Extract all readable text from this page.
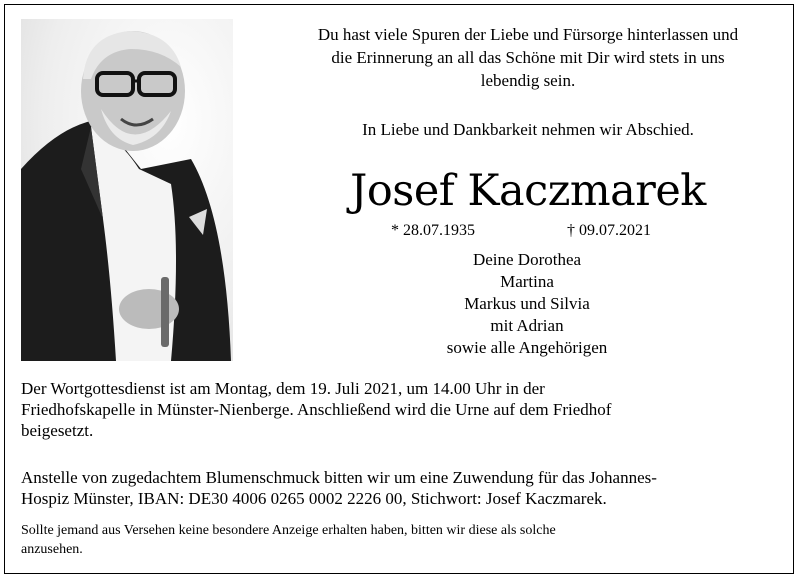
Du hast viele Spuren der Liebe und Fürsorge hinterlassen und

die Erinnerung an all das Schöne mit Dir wird stets in uns

lebendig sein.

In Liebe und Dankbarkeit nehmen wir Abschied.
Josef Kaczmarek
* 28.07.1935	† 09.07.2021
Deine Dorothea
Martina
Markus und Silvia
mit Adrian
sowie alle Angehörigen
Der Wortgottesdienst ist am Montag, dem 19. Juli 2021, um 14.00 Uhr in der
Friedhofskapelle in Münster-Nienberge. Anschließend wird die Urne auf dem Friedhof
beigesetzt.
Anstelle von zugedachtem Blumenschmuck bitten wir um eine Zuwendung für das Johannes-
Hospiz Münster, IBAN: DE30 4006 0265 0002 2226 00, Stichwort: Josef Kaczmarek.
Sollte jemand aus Versehen keine besondere Anzeige erhalten haben, bitten wir diese als solche
anzusehen.
